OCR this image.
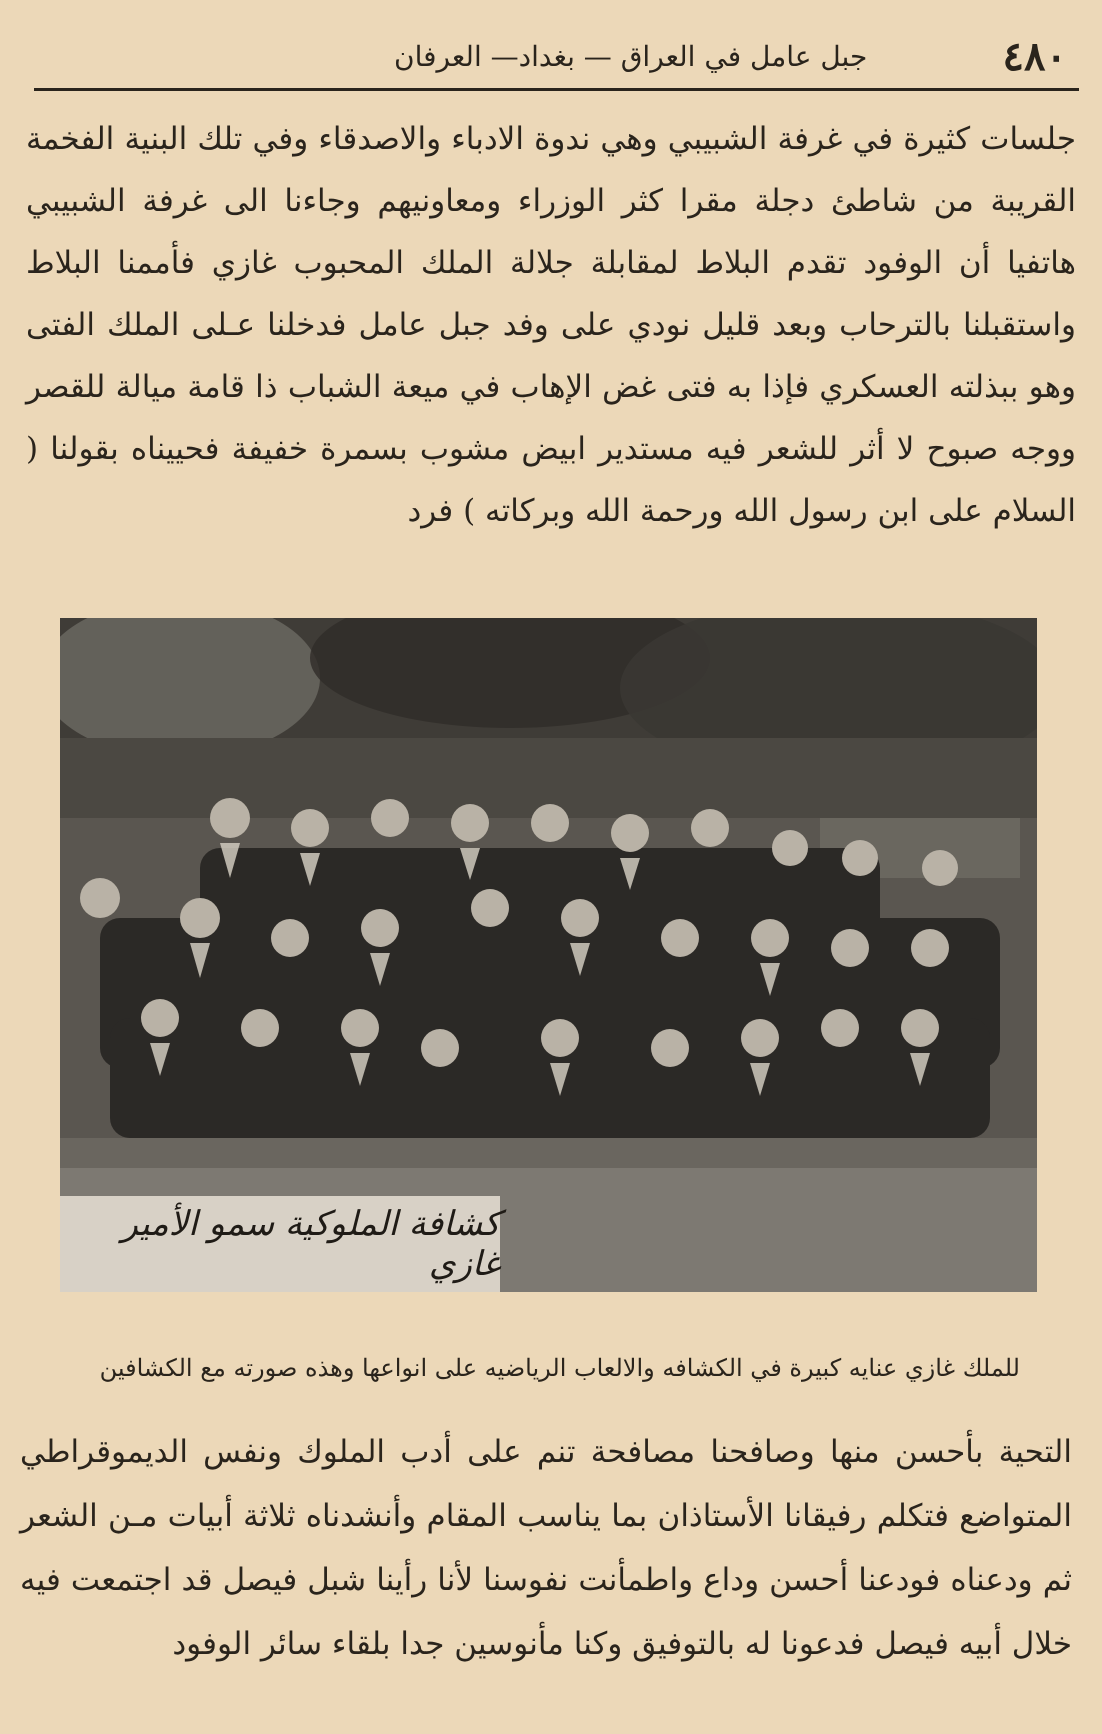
٤٨٠
جبل عامل في العراق — بغداد— العرفان

جلسات كثيرة في غرفة الشبيبي وهي ندوة الادباء والاصدقاء وفي تلك البنية الفخمة القريبة من شاطئ دجلة مقرا كثر الوزراء ومعاونيهم وجاءنا الى غرفة الشبيبي هاتفيا أن الوفود تقدم البلاط لمقابلة جلالة الملك المحبوب غازي فأممنا البلاط واستقبلنا بالترحاب وبعد قليل نودي على وفد جبل عامل فدخلنا عـلى الملك الفتى وهو ببذلته العسكري فإذا به فتى غض الإهاب في ميعة الشباب ذا قامة ميالة للقصر ووجه صبوح لا أثر للشعر فيه مستدير ابيض مشوب بسمرة خفيفة فحييناه بقولنا ( السلام على ابن رسول الله ورحمة الله وبركاته ) فرد

كشافة الملوكية سمو الأمير غازي
للملك غازي عنايه كبيرة في الكشافه والالعاب الرياضيه على انواعها وهذه صورته مع الكشافين

التحية بأحسن منها وصافحنا مصافحة تنم على أدب الملوك ونفس الديموقراطي المتواضع فتكلم رفيقانا الأستاذان بما يناسب المقام وأنشدناه ثلاثة أبيات مـن الشعر ثم ودعناه فودعنا أحسن وداع واطمأنت نفوسنا لأنا رأينا شبل فيصل قد اجتمعت فيه خلال أبيه فيصل فدعونا له بالتوفيق وكنا مأنوسين جدا بلقاء سائر الوفود
